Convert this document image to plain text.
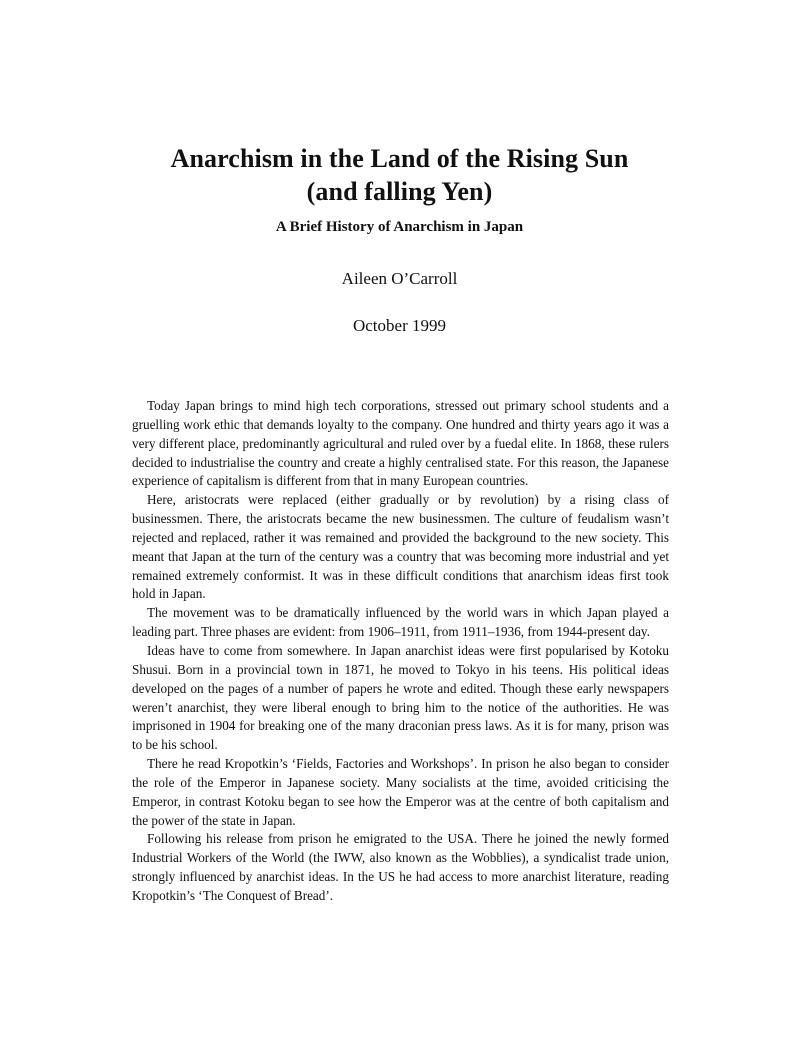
Anarchism in the Land of the Rising Sun
(and falling Yen)
A Brief History of Anarchism in Japan
Aileen O’Carroll
October 1999

Today Japan brings to mind high tech corporations, stressed out primary school students and a gruelling work ethic that demands loyalty to the company. One hundred and thirty years ago it was a very different place, predominantly agricultural and ruled over by a fuedal elite. In 1868, these rulers decided to industrialise the country and create a highly centralised state. For this reason, the Japanese experience of capitalism is different from that in many European countries.

Here, aristocrats were replaced (either gradually or by revolution) by a rising class of businessmen. There, the aristocrats became the new businessmen. The culture of feudalism wasn’t rejected and replaced, rather it was remained and provided the background to the new society. This meant that Japan at the turn of the century was a country that was becoming more industrial and yet remained extremely conformist. It was in these difficult conditions that anarchism ideas first took hold in Japan.

The movement was to be dramatically influenced by the world wars in which Japan played a leading part. Three phases are evident: from 1906–1911, from 1911–1936, from 1944-present day.

Ideas have to come from somewhere. In Japan anarchist ideas were first popularised by Kotoku Shusui. Born in a provincial town in 1871, he moved to Tokyo in his teens. His political ideas developed on the pages of a number of papers he wrote and edited. Though these early newspapers weren’t anarchist, they were liberal enough to bring him to the notice of the authorities. He was imprisoned in 1904 for breaking one of the many draconian press laws. As it is for many, prison was to be his school.

There he read Kropotkin’s ‘Fields, Factories and Workshops’. In prison he also began to consider the role of the Emperor in Japanese society. Many socialists at the time, avoided criticising the Emperor, in contrast Kotoku began to see how the Emperor was at the centre of both capitalism and the power of the state in Japan.

Following his release from prison he emigrated to the USA. There he joined the newly formed Industrial Workers of the World (the IWW, also known as the Wobblies), a syndicalist trade union, strongly influenced by anarchist ideas. In the US he had access to more anarchist literature, reading Kropotkin’s ‘The Conquest of Bread’.
